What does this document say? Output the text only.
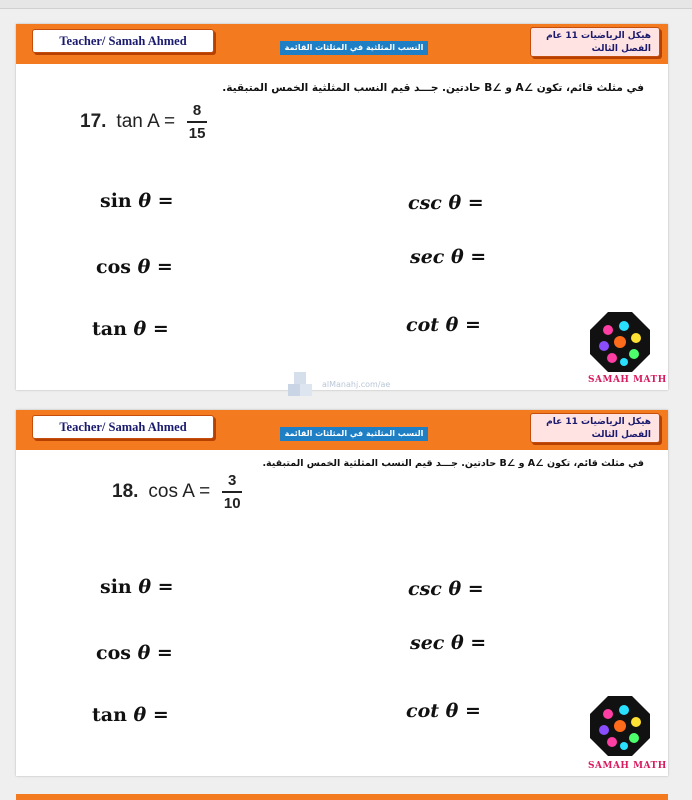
Teacher/ Samah Ahmed	النسب المثلثية في المثلثات القائمة
هيكل الرياضيات 11 عام
الفصل الثالث
في مثلث قائم، تكون ∠A و ∠B حادتين. جـــد قيم النسب المثلثية الخمس المتبقية.
17. $\tan A = \frac{8}{15}$
sin θ =
cos θ =
tan θ =
csc θ =
sec θ =
cot θ =
SAMAH MATH
alManahj.com/ae
Teacher/ Samah Ahmed	النسب المثلثية في المثلثات القائمة
هيكل الرياضيات 11 عام
الفصل الثالث
في مثلث قائم، تكون ∠A و ∠B حادتين. جـــد قيم النسب المثلثية الخمس المتبقية.
18. $\cos A = \frac{3}{10}$
sin θ =
cos θ =
tan θ =
csc θ =
sec θ =
cot θ =
SAMAH MATH
